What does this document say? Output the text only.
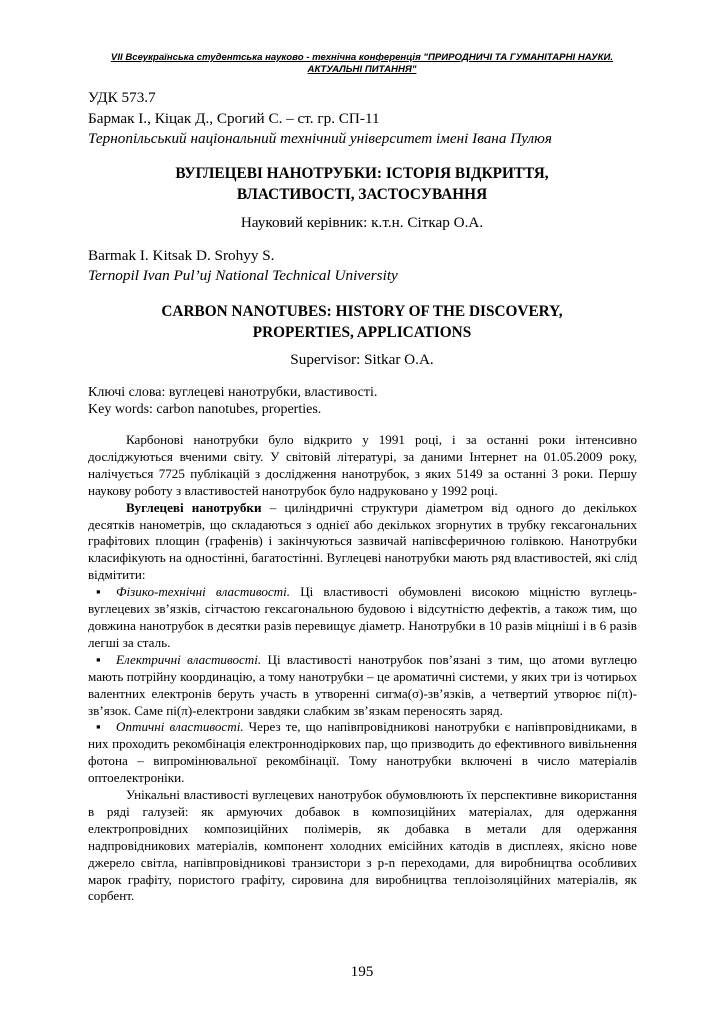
VII Всеукраїнська студентська науково - технічна конференція "ПРИРОДНИЧІ ТА ГУМАНІТАРНІ НАУКИ.
АКТУАЛЬНІ ПИТАННЯ"
УДК 573.7
Бармак І., Кіцак Д., Срогий С. – ст. гр. СП-11
Тернопільський національний технічний університет імені Івана Пулюя
ВУГЛЕЦЕВІ НАНОТРУБКИ: ІСТОРІЯ ВІДКРИТТЯ,
ВЛАСТИВОСТІ, ЗАСТОСУВАННЯ
Науковий керівник: к.т.н. Сіткар О.А.
Barmak I. Kitsak D. Srohyy S.
Ternopil Ivan Pul’uj National Technical University
CARBON NANOTUBES: HISTORY OF THE DISCOVERY,
PROPERTIES, APPLICATIONS
Supervisor: Sitkar O.A.
Ключі слова: вуглецеві нанотрубки, властивості.
Key words: carbon nanotubes, properties.

Карбонові нанотрубки було відкрито у 1991 році, і за останні роки інтенсивно досліджуються вченими світу. У світовій літературі, за даними Інтернет на 01.05.2009 року, налічується 7725 публікацій з дослідження нанотрубок, з яких 5149 за останні 3 роки. Першу наукову роботу з властивостей нанотрубок було надруковано у 1992 році.

Вуглецеві нанотрубки – циліндричні структури діаметром від одного до декількох десятків нанометрів, що складаються з однієї або декількох згорнутих в трубку гексагональних графітових площин (графенів) і закінчуються зазвичай напівсферичною голівкою. Нанотрубки класифікують на одностінні, багатостінні. Вуглецеві нанотрубки мають ряд властивостей, які слід відмітити:

▪ Фізико-технічні властивості. Ці властивості обумовлені високою міцністю вуглець-вуглецевих зв’язків, сітчастою гексагональною будовою і відсутністю дефектів, а також тим, що довжина нанотрубок в десятки разів перевищує діаметр. Нанотрубки в 10 разів міцніші і в 6 разів легші за сталь.

▪ Електричні властивості. Ці властивості нанотрубок пов’язані з тим, що атоми вуглецю мають потрійну координацію, а тому нанотрубки – це ароматичні системи, у яких три із чотирьох валентних електронів беруть участь в утворенні сигма(σ)-зв’язків, а четвертий утворює пі(π)-зв’язок. Саме пі(π)-електрони завдяки слабким зв’язкам переносять заряд.

▪ Оптичні властивості. Через те, що напівпровідникові нанотрубки є напівпровідниками, в них проходить рекомбінація електроннодіркових пар, що призводить до ефективного вивільнення фотона – випромінювальної рекомбінації. Тому нанотрубки включені в число матеріалів оптоелектроніки.

Унікальні властивості вуглецевих нанотрубок обумовлюють їх перспективне використання в ряді галузей: як армуючих добавок в композиційних матеріалах, для одержання електропровідних композиційних полімерів, як добавка в метали для одержання надпровідникових матеріалів, компонент холодних емісійних катодів в дисплеях, якісно нове джерело світла, напівпровідникові транзистори з p-n переходами, для виробництва особливих марок графіту, пористого графіту, сировина для виробництва теплоізоляційних матеріалів, як сорбент.

195
